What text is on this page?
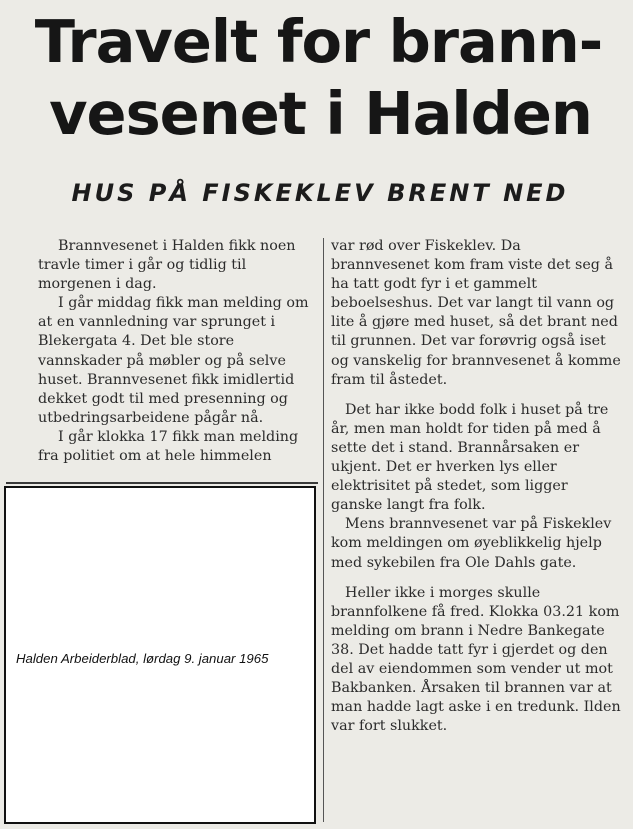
Travelt for brann-
vesenet i Halden
HUS PÅ FISKEKLEV BRENT NED

Brannvesenet i Halden fikk noen travle timer i går og tidlig til morgenen i dag.

I går middag fikk man melding om at en vannledning var sprunget i Blekergata 4. Det ble store vannskader på møbler og på selve huset. Brannvesenet fikk imidlertid dekket godt til med presenning og utbedringsarbeidene pågår nå.

I går klokka 17 fikk man melding fra politiet om at hele himmelen

var rød over Fiskeklev. Da brannvesenet kom fram viste det seg å ha tatt godt fyr i et gammelt beboelseshus. Det var langt til vann og lite å gjøre med huset, så det brant ned til grunnen. Det var forøvrig også iset og vanskelig for brannvesenet å komme fram til åstedet.

Det har ikke bodd folk i huset på tre år, men man holdt for tiden på med å sette det i stand. Brannårsaken er ukjent. Det er hverken lys eller elektrisitet på stedet, som ligger ganske langt fra folk.

Mens brannvesenet var på Fiskeklev kom meldingen om øyeblikkelig hjelp med sykebilen fra Ole Dahls gate.

Heller ikke i morges skulle brannfolkene få fred. Klokka 03.21 kom melding om brann i Nedre Bankegate 38. Det hadde tatt fyr i gjerdet og den del av eiendommen som vender ut mot Bakbanken. Årsaken til brannen var at man hadde lagt aske i en tredunk. Ilden var fort slukket.

Halden Arbeiderblad, lørdag 9. januar 1965
